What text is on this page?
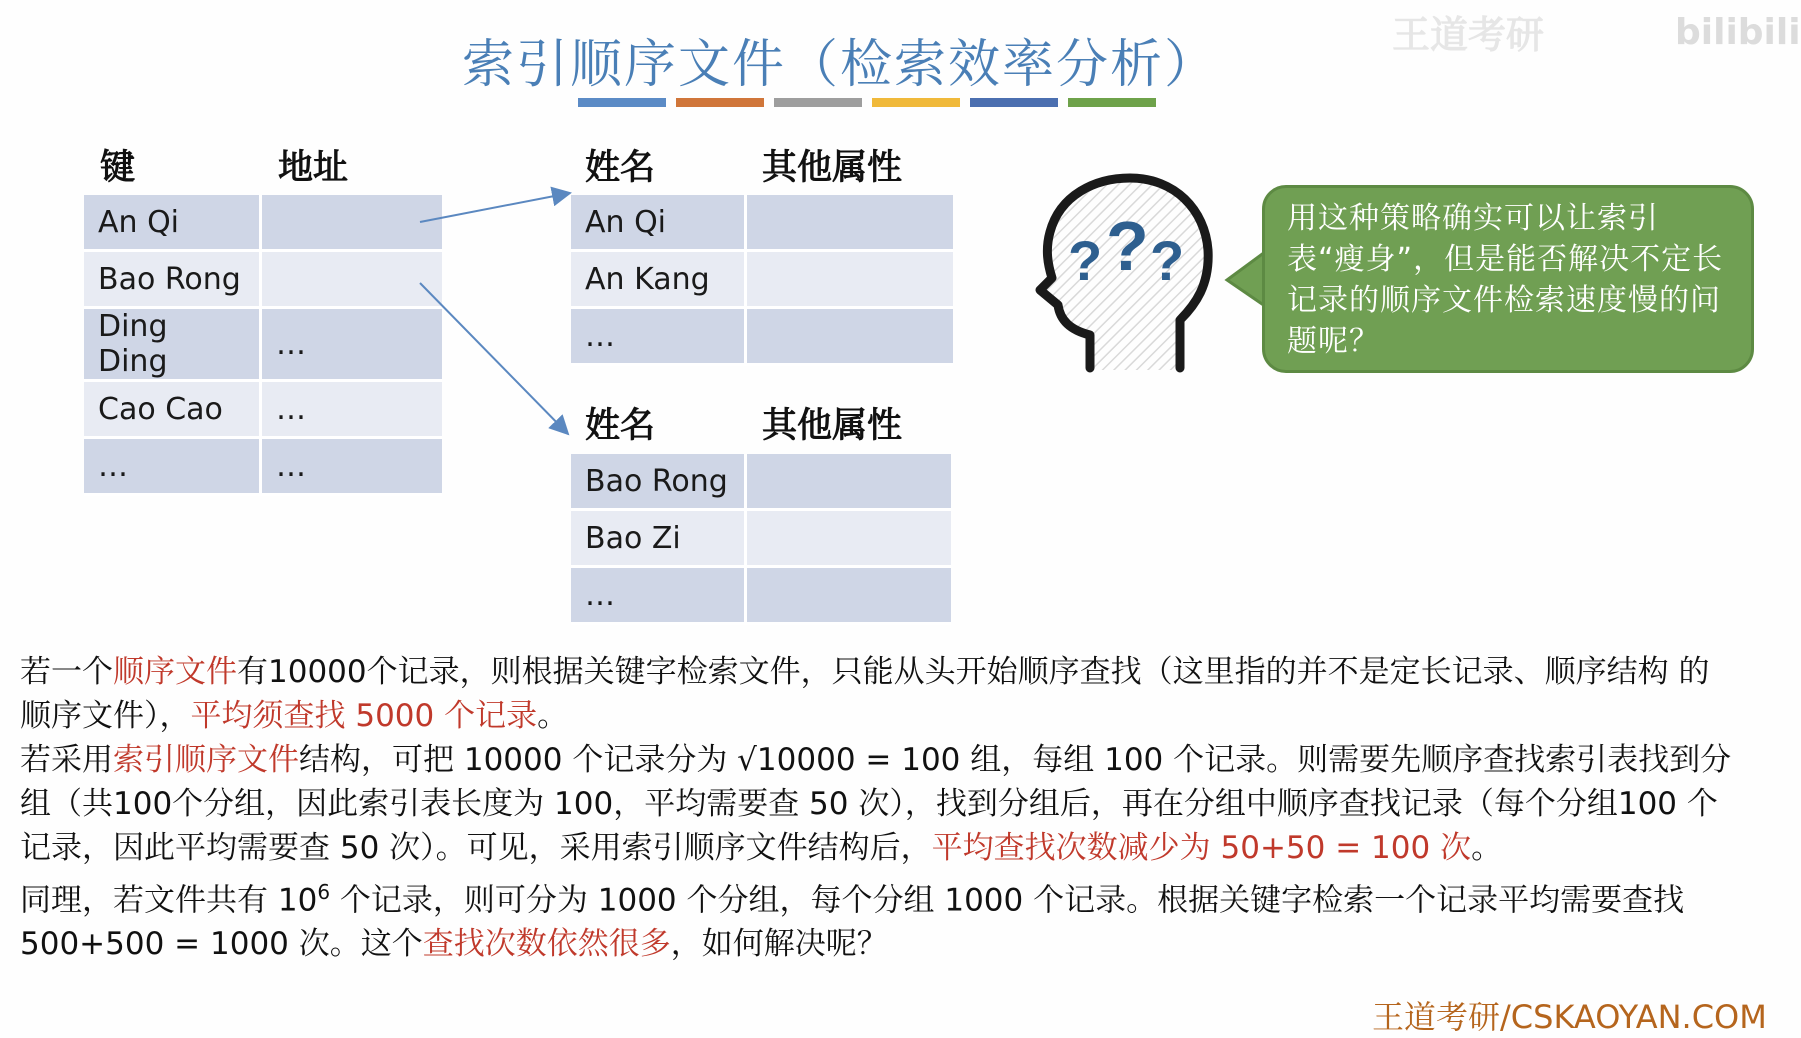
王道考研	bilibili
索引顺序文件（检索效率分析）
键	地址
An Qi	
Bao Rong	
Ding Ding	…
Cao Cao	…
…	…
姓名	其他属性
An Qi	
An Kang	
…	
姓名	其他属性
Bao Rong	
Bao Zi	
…	
? ? ?
用这种策略确实可以让索引表“瘦身”，但是能否解决不定长记录的顺序文件检索速度慢的问题呢？

若一个顺序文件有10000个记录，则根据关键字检索文件，只能从头开始顺序查找（这里指的并不是定长记录、顺序结构 的顺序文件），平均须查找 5000 个记录。

若采用索引顺序文件结构，可把 10000 个记录分为 √10000 = 100 组，每组 100 个记录。则需要先顺序查找索引表找到分组（共100个分组，因此索引表长度为 100，平均需要查 50 次），找到分组后，再在分组中顺序查找记录（每个分组100 个记录，因此平均需要查 50 次）。可见，采用索引顺序文件结构后，平均查找次数减少为 50+50 = 100 次。

同理，若文件共有 $10^6$ 个记录，则可分为 1000 个分组，每个分组 1000 个记录。根据关键字检索一个记录平均需要查找 500+500 = 1000 次。这个查找次数依然很多，如何解决呢？

王道考研/CSKAOYAN.COM
